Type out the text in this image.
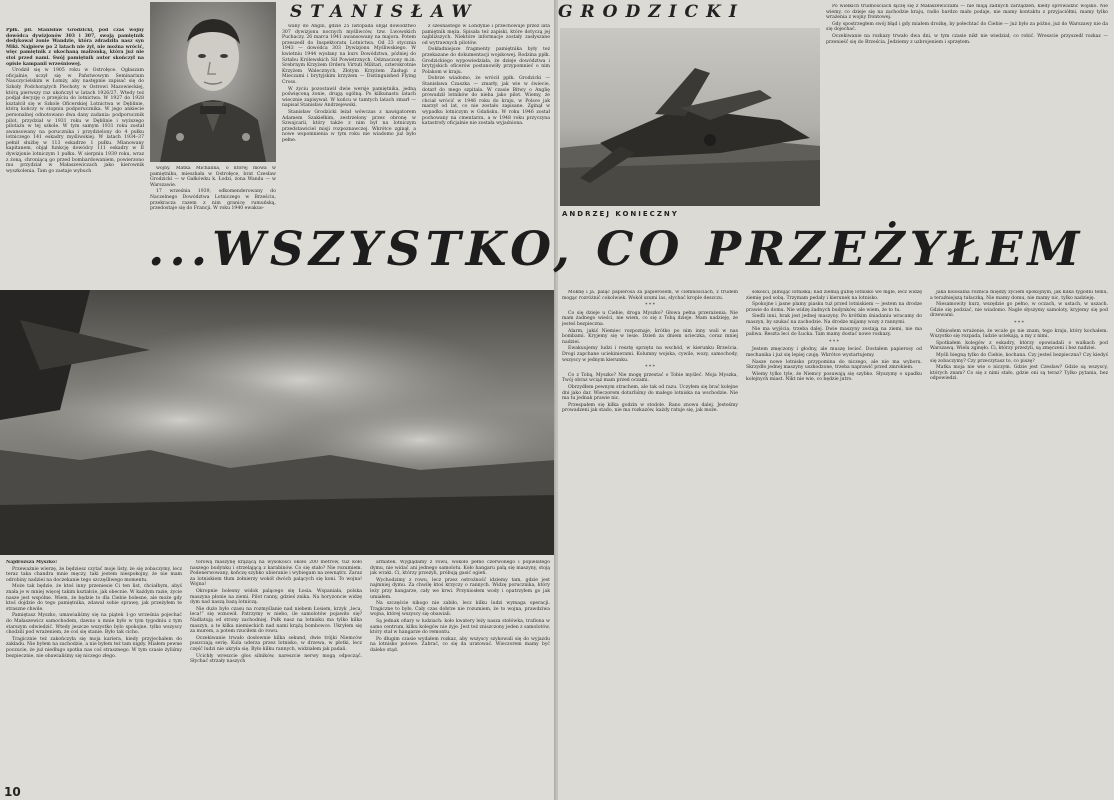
STANISŁAW

Ppłk. pil. Stanisław Grodzicki, pod czas wojny dowódca dywizjonów 303 i 307, swoją pamiętnik dedykował żonie Wandzie, która zdradziła nasz syn Miki. Najpierw po 2 latach nie żył, nie można wrócić, więc pamiętnik z ukochaną małżonką, która już nie stoi przed nami. Swój pamiętnik autor skończył na opisie kampanii wrześniowej.

Urodził się w 1905 roku w Ostrołęce. Ogłaszam oficjalnie, uczył się w Państwowym Seminarium Nauczycielskim w Łomży, aby następnie zapisać się do Szkoły Podchorążych Piechoty w Ostrowi Mazowieckiej, którą pierwszy raz ukończył w latach 1926/27. Wtedy też podjął decyzję o przejściu do lotnictwa. W 1927 do 1928 kształcił się w Szkole Oficerskiej Lotnictwa w Dęblinie, którą kończy w stopniu podporucznika. W jego ankiecie personalnej odnotowano dwa dany zadania: podporucznik pilot, przydział w 1931 roku w Dęblinie i wyższego pilotażu w tej szkole. W tym samym 1931 roku został awansowany na porucznika i przydzielony do 4 pułku lotniczego 141 eskadry myśliwskiej. W latach 1934–37 pełnił służbę w 113 eskadrze 1 pułku. Mianowany kapitanem, objął funkcję dowódcy 111 eskadry w II dywizjonie lotniczym 1 pułku. W sierpniu 1939 roku, wraz z żoną, chroniącą go przed bombardowaniem, powierzono mu przydział w Małaszewiczach jako kierownik wyszkolenia. Tam go zastaje wybuch

wojny. Matka Michalina, o której mowa w pamiętniku, mieszkała w Ostrołęce, brat Czesław Grodzicki — w Gałkówku k. Łodzi, żona Wanda — w Warszawie.

17 września 1939, odkomenderowany do Naczelnego Dowództwa Lotniczego w Brześciu, przekracza razem z nim granicę rumuńską, przedostaje się do Francji. W roku 1940 ewakuo-

wany do Anglii, gdzie 25 listopada objął dowództwo 307 dywizjonu nocnych myśliwców, tzw. Lwowskich Puchaczy. 26 marca 1941 awansowany na majora. Potem przeszedł do Inspektoratu Lotnictwa. Od 23 stycznia 1943 — dowódca 303 Dywizjonu Myśliwskiego. W kwietniu 1944 wysłany na kurs Dowództwa, później do Sztabu Królewskich Sił Powietrznych. Odznaczony m.in. Srebrnym Krzyżem Orderu Virtuti Militari, czterokrotnie Krzyżem Walecznych, Złotym Krzyżem Zasługi z Mieczami i brytyjskim krzyżem — Distinguished Flying Cross.

W życiu pozostawił dwie wersje pamiętnika, jedną poświęconą żonie, drugą ogólną. Po kilkunastu latach wiecznie zapisywał. W końcu w tamtych latach zmarł — napisał Stanisław Andrzejewski.

Stanisław Grodzicki leżał wówczas z nawigatorem Adamem Szakiełkim, zestrzelony przez obronę w Szwajcarii, który także z nim był na lotniczym przedstawiciel misji rozpoznawczej. Wkrótce zginął, a nowe wspomnienia w tym roku nie wiadomo już było pełne.

z szesnastego w Londynie i przechowuje przez lata pamiętnik męża. Spisała też zapiski, które dotyczą jej najbliższych. Niektóre informacje zostały zasłyszane od wytrawnych pilotów.

Dokładniejsze fragmenty pamiętnika były też przekazane do dokumentacji wojskowej. Rodzina ppłk. Grodzickiego wypowiedziała, że dzieje dowództwa i brytyjskich oficerów postanowiły przypomnieć o nim Polakom w kraju.

Dobrze wiadomo, że wrócił ppłk. Grodzicki — Stanisława Czaszka — zmarły, jak wie w świecie, dotarł do mego szpitala. W czasie Bitwy o Anglię prowadził lotników do nieba jako pilot. Wiemy, że chciał wrócić w 1946 roku do kraju, w Polsce jak marzył od lat, co nie zostało zapisane. Zginął w wypadku lotniczym w Gdańsku. W roku 1946 został pochowany na cmentarzu, a w 1948 roku przyczyna katastrofy oficjalnie nie została wyjaśniona.

Najdroższa Myszko!

Przeważnie wierzę, że będziesz czytać moje listy, że się zobaczymy, lecz teraz taka chandra mnie męczy, taki jestem niespokojny, że nie mam odrobiny nadziei na doczekanie tego szczęśliwego momentu.

Może tak będzie, że ktoś inny przeniesie Ci ten list, chciałbym, abyś znała je w mniej więcej takim kształcie, jak obecnie. W każdym razie, życie nasze jest wspólne. Wiem, że będzie to dla Ciebie bolesne, ale może gdy ktoś dojdzie do tego pamiętnika, zdawał sobie sprawę, jak przeżyłem te straszne chwile.

Pamiętasz Myszko, umawialiśmy się na piątek 1-go września pojechać do Małaszewicz samochodem, dawno u mnie było w tym tygodniu z tym starszym odwiedzić. Wtedy jeszcze wszystko było spokojne, tylko wszyscy chodzili pod wrażeniem, że coś się stanie. Było tak cicho.

Tragicznie też zakończyła się moja kariera, kiedy przyjechałem do zakładu. Nie byłem na zachodzie, a nie byłem też tam nigdy. Miałem pewne poczucie, że już niedługo spotka nas coś strasznego. W tym czasie żyliśmy bezpiecznie, nie obawialiśmy się niczego złego.

torową maszynę krążącą na wysokości około 200 metrów, tuż koło naszego budynku i strzelającą z karabinów. Co się stało? Nie rozumiem. Podenerwowany, kończę szybko ubieranie i wybiegam na zewnątrz. Zaraz za lotniskiem tłum żołnierzy wokół dwóch palących się koni. To wojna! Wojna!

Okropnie bolesny widok palącego się Łosia. Wspaniała, polska maszyna płonie na ziemi. Pilot ranny, gdzieś znika. Na horyzoncie widzę dym nad naszą bazą lotniczą.

Nie dużo było czasu na rozmyślanie nad niebem Łosiem, krzyk „leca, leca!” się wznowił. Patrzymy w niebo, ile samolotów pojawiło się? Nadlatują od strony zachodniej. Pułk nasz na lotnisku ma tylko kilka maszyn, a te kilka niemieckich nad nami krążą bombowce. Ukryłem się za murem, a potem rzuciłem do rowu.

Oczekiwanie trwało dosłownie kilka sekund, dwie trójki Niemców puszczają serię. Kula uderza przez lotnisko, w drzewa, w płotki, lecz część ludzi nie ukryła się. Było kilku rannych, widziałem jak padali.

Ucichły wreszcie głos silników, nareszcie nerwy mogą odpocząć. Słychać strzały naszych

armatek. Wyglądamy z rowu, wokoło pełno czerwonego i popielatego dymu, nie widać ani jednego samolotu. Koło hangaru palą się maszyny, stoją jak wraki. Ci, którzy przeżyli, próbują gasić ogień.

Wychodzimy z rowu, lecz przez ostrożność idziemy tam, gdzie jest najmniej dymu. Za chwilę ktoś krzyczy o rannych. Widzę porucznika, który leży przy hangarze, cały we krwi. Przyniosłem wody i opatrzyłem go jak umiałem.

Na szczęście nikogo nie zabiło, lecz kilku ludzi wymaga operacji. Tragiczne to było. Cały czas dobrze nie rozumiem, że to wojna, prawdziwa wojna, której wszyscy się obawiali.

Są jednak ofiary w ludziach: koło kwatery leży nasza stołówka, trafiona w samo centrum, kilku kolegów nie żyje. Jest też zniszczony jeden z samolotów, który stał w hangarze do remontu.

Po długim czasie wydałem rozkaz, aby wszyscy szykowali się do wyjazdu na lotnisko polowe. Zabrać, co się da uratować. Wieczorem mamy być daleko stąd.

10
GRODZICKI	Po wielkich trudnościach łączę się z Małaszewiczami — nie mają żadnych zarządzeń, kiedy sprowadzić wojsko. Nie wiemy, co dzieje się na zachodzie kraju, radio bardzo mało podaje, nie mamy kontaktu z przyjaciółmi, mamy tylko wrażenia z wojny frontowej.

Gdy spostrzegłem swój błąd i gdy miałem drożkę, by połechtać do Ciebie — już było za późno, już do Warszawy nie da się dojechać.

Oczekiwanie na rozkazy trwało dwa dni, w tym czasie nikt nie wiedział, co robić. Wreszcie przyszedł rozkaz — przenieść się do Brześcia. Jedziemy z uzbrojeniem i sprzętem.

ANDRZEJ KONIECZNY

Moknę i ja, paląc papierosa za papierosem, w ciemnościach, z trudem mogąc rozróżnić cokolwiek. Wokół szumi las, słychać krople deszczu.

* * *

Co się dzieje u Ciebie, droga Myszko? Głowa pełna przerażenia. Nie mam żadnego wieści, nie wiem, co się z Tobą dzieje. Mam nadzieję, że jesteś bezpieczna.

Alarm, jakiś Niemiec rozpoznaje, krótko po nim inny wali w nas bombami. Kryjemy się w lesie. Dzień za dniem ucieczka, coraz mniej nadziei.

Ewakuujemy ludzi i resztę sprzętu na wschód, w kierunku Brześcia. Drogi zapchane uciekinierami. Kolumny wojska, cywile, wozy, samochody, wszyscy w jednym kierunku.

* * *

Co z Tobą, Myszko? Nie mogę przestać o Tobie myśleć. Moja Myszka, Twój obraz wciąż mam przed oczami.

Obrzydłem pewnym strachem, ale tak od razu. Uczyłem się brać kolejne dni jako dar. Wieczorem dotarliśmy do małego lotniska na wschodzie. Nie ma tu jednak prawie nic.

Przespałem się kilka godzin w stodole. Rano znowu dalej. Jesteśmy prowadzeni jak stado, nie ma rozkazów, każdy ratuje się, jak może.

sokości, pilnując lotniska; nad ziemią gubię lotnisko we mgle, lecz widzę ziemię pod sobą. Trzymam pedały i kierunek na lotnisko.

Spokojne i jasne plamy piasku tuż przed lotniskiem — jestem na drodze prawie do domu. Nie widzę żadnych budynków, ale wiem, że to tu.

Siedli inni, brak jest jednej maszyny. Po krótkim śniadaniu wracamy do maszyn, by szukać na zachodzie. Na drodze mijamy wozy z rannymi.

Nie ma wyjścia, trzeba dalej. Dwie maszyny zostają na ziemi, nie ma paliwa. Reszta leci do Łucka. Tam mamy dostać nowe rozkazy.

* * *

Jestem zmęczony i głodny, ale muszę lecieć. Dostałem papierosy od mechanika i już się lepiej czuję. Wkrótce wystartujemy.

Nasze nowe lotnisko przypomina do niczego, ale nie ma wyboru. Skrzydło jednej maszyny uszkodzone, trzeba naprawić przed zmrokiem.

Wiemy tylko tyle, że Niemcy posuwają się szybko. Słyszymy o upadku kolejnych miast. Nikt nie wie, co będzie jutro.

Jaka kolosalna różnica między życiem spokojnym, jak kilka tygodni temu, a teraźniejszą tułaczką. Nie mamy domu, nie mamy nic, tylko nadzieję.

Niesamowity kurz, wszędzie go pełno, w oczach, w ustach, w uszach. Gdzie się podziać, nie wiadomo. Nagle słyszymy samoloty, kryjemy się pod drzewami.

* * *

Odniosłem wrażenie, że wcale go nie znam, tego kraju, który kochałem. Wszystko się rozpada, ludzie uciekają, a my z nimi.

Spotkałem kolegów z eskadry, którzy opowiadali o walkach pod Warszawą. Wielu zginęło. Ci, którzy przeżyli, są zmęczeni i bez nadziei.

Myśli biegną tylko do Ciebie, kochana. Czy jesteś bezpieczna? Czy kiedyś się zobaczymy? Czy przeczytasz to, co piszę?

Matka moja nie wie o niczym. Gdzie jest Czesław? Gdzie są wszyscy, których znam? Co się z nimi stało, gdzie oni są teraz? Tylko pytania, bez odpowiedzi.

...WSZYSTKO, CO PRZEŻYŁEM
